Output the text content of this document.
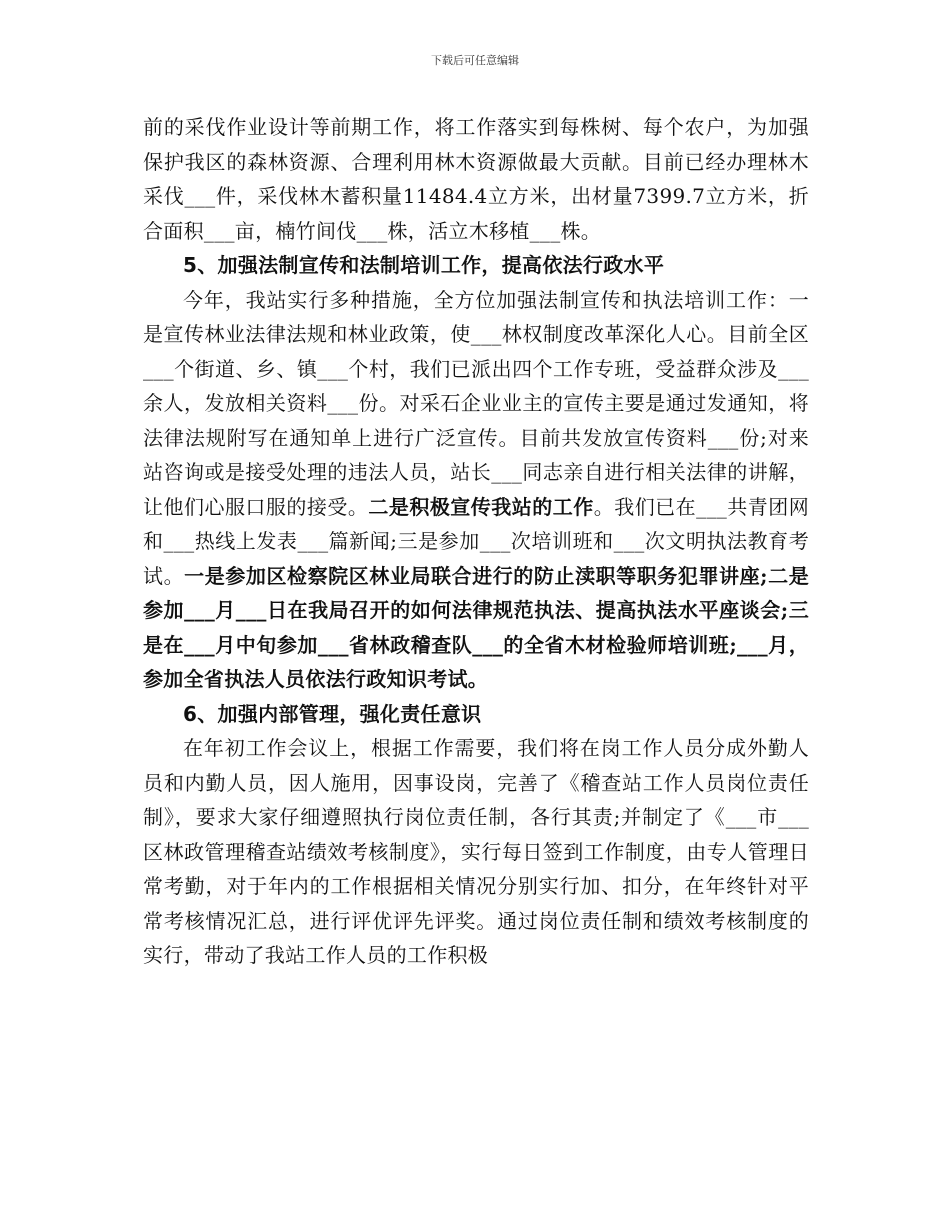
下载后可任意编辑

前的采伐作业设计等前期工作，将工作落实到每株树、每个农户，为加强保护我区的森林资源、合理利用林木资源做最大贡献。目前已经办理林木采伐___件，采伐林木蓄积量11484.4立方米，出材量7399.7立方米，折合面积___亩，楠竹间伐___株，活立木移植___株。

5、加强法制宣传和法制培训工作，提高依法行政水平

今年，我站实行多种措施，全方位加强法制宣传和执法培训工作：一是宣传林业法律法规和林业政策，使___林权制度改革深化人心。目前全区___个街道、乡、镇___个村，我们已派出四个工作专班，受益群众涉及___余人，发放相关资料___份。对采石企业业主的宣传主要是通过发通知，将法律法规附写在通知单上进行广泛宣传。目前共发放宣传资料___份;对来站咨询或是接受处理的违法人员，站长___同志亲自进行相关法律的讲解，让他们心服口服的接受。二是积极宣传我站的工作。我们已在___共青团网和___热线上发表___篇新闻;三是参加___次培训班和___次文明执法教育考试。一是参加区检察院区林业局联合进行的防止渎职等职务犯罪讲座;二是参加___月___日在我局召开的如何法律规范执法、提高执法水平座谈会;三是在___月中旬参加___省林政稽查队___的全省木材检验师培训班;___月，参加全省执法人员依法行政知识考试。

6、加强内部管理，强化责任意识

在年初工作会议上，根据工作需要，我们将在岗工作人员分成外勤人员和内勤人员，因人施用，因事设岗，完善了《稽查站工作人员岗位责任制》，要求大家仔细遵照执行岗位责任制，各行其责;并制定了《___市___区林政管理稽查站绩效考核制度》，实行每日签到工作制度，由专人管理日常考勤，对于年内的工作根据相关情况分别实行加、扣分，在年终针对平常考核情况汇总，进行评优评先评奖。通过岗位责任制和绩效考核制度的实行，带动了我站工作人员的工作积极
